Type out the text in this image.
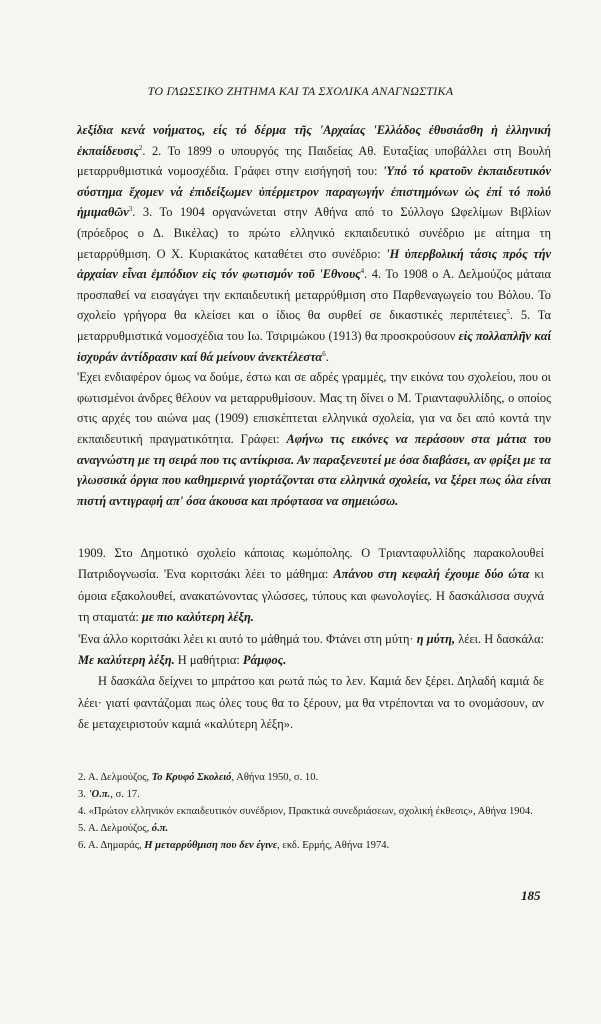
ΤΟ ΓΛΩΣΣΙΚΟ ΖΗΤΗΜΑ ΚΑΙ ΤΑ ΣΧΟΛΙΚΑ ΑΝΑΓΝΩΣΤΙΚΑ

λεξίδια κενά νοήματος, είς τό δέρμα τῆς 'Αρχαίας 'Ελλάδος ἐθυσιάσθη ἡ ἑλληνική ἐκπαίδευσις$^2$. 2. Το 1899 ο υπουργός της Παιδείας Αθ. Ευταξίας υποβάλλει στη Βουλή μεταρρυθμιστικά νομοσχέδια. Γράφει στην εισήγησή του: 'Υπό τό κρατοῦν ἐκπαιδευτικόν σύστημα ἔχομεν νά ἐπιδείξωμεν ὑπέρμετρον παραγωγήν ἐπιστημόνων ὡς ἐπί τό πολύ ἡμιμαθῶν$^3$. 3. Το 1904 οργανώνεται στην Αθήνα από το Σύλλογο Ωφελίμων Βιβλίων (πρόεδρος ο Δ. Βικέλας) το πρώτο ελληνικό εκπαιδευτικό συνέδριο με αίτημα τη μεταρρύθμιση. Ο Χ. Κυριακάτος καταθέτει στο συνέδριο: 'Η ὑπερβολική τάσις πρός τήν ἀρχαίαν εἶναι ἐμπόδιον εἰς τόν φωτισμόν τοῦ 'Εθνους$^4$. 4. Το 1908 ο Α. Δελμούζος μάταια προσπαθεί να εισαγάγει την εκπαιδευτική μεταρρύθμιση στο Παρθεναγωγείο του Βόλου. Το σχολείο γρήγορα θα κλείσει και ο ίδιος θα συρθεί σε δικαστικές περιπέτειες$^5$. 5. Τα μεταρρυθμιστικά νομοσχέδια του Ιω. Τσιριμώκου (1913) θα προσκρούσουν εἰς πολλαπλῆν καί ἰσχυράν ἀντίδρασιν καί θά μείνουν ἀνεκτέλεστα$^6$.

'Εχει ενδιαφέρον όμως να δούμε, έστω και σε αδρές γραμμές, την εικόνα του σχολείου, που οι φωτισμένοι άνδρες θέλουν να μεταρρυθμίσουν. Μας τη δίνει ο Μ. Τριανταφυλλίδης, ο οποίος στις αρχές του αιώνα μας (1909) επισκέπτεται ελληνικά σχολεία, για να δει από κοντά την εκπαιδευτική πραγματικότητα. Γράφει: Αφήνω τις εικόνες να περάσουν στα μάτια του αναγνώστη με τη σειρά που τις αντίκρισα. Αν παραξενευτεί με όσα διαβάσει, αν φρίξει με τα γλωσσικά όργια που καθημερινά γιορτάζονται στα ελληνικά σχολεία, να ξέρει πως όλα είναι πιστή αντιγραφή απ' όσα άκουσα και πρόφτασα να σημειώσω.

1909. Στο Δημοτικό σχολείο κάποιας κωμόπολης. Ο Τριανταφυλλίδης παρακολουθεί Πατριδογνωσία. 'Ενα κοριτσάκι λέει το μάθημα: Απάνου στη κεφαλή έχουμε δύο ώτα κι όμοια εξακολουθεί, ανακατώνοντας γλώσσες, τύπους και φωνολογίες. Η δασκάλισσα συχνά τη σταματά: με πιο καλύτερη λέξη.

'Ενα άλλο κοριτσάκι λέει κι αυτό το μάθημά του. Φτάνει στη μύτη· η μύτη, λέει. Η δασκάλα: Με καλύτερη λέξη. Η μαθήτρια: Ράμφος.

Η δασκάλα δείχνει το μπράτσο και ρωτά πώς το λεν. Καμιά δεν ξέρει. Δηλαδή καμιά δε λέει· γιατί φαντάζομαι πως όλες τους θα το ξέρουν, μα θα ντρέπονται να το ονομάσουν, αν δε μεταχειριστούν καμιά «καλύτερη λέξη».

2. Α. Δελμούζος, Το Κρυφό Σκολειό, Αθήνα 1950, σ. 10.
3. 'Ο.π., σ. 17.
4. «Πρώτον ελληνικόν εκπαιδευτικόν συνέδριον, Πρακτικά συνεδριάσεων, σχολική έκθεσις», Αθήνα 1904.
5. Α. Δελμούζος, ό.π.
6. Α. Δημαράς, Η μεταρρύθμιση που δεν έγινε, εκδ. Ερμής, Αθήνα 1974.
185
